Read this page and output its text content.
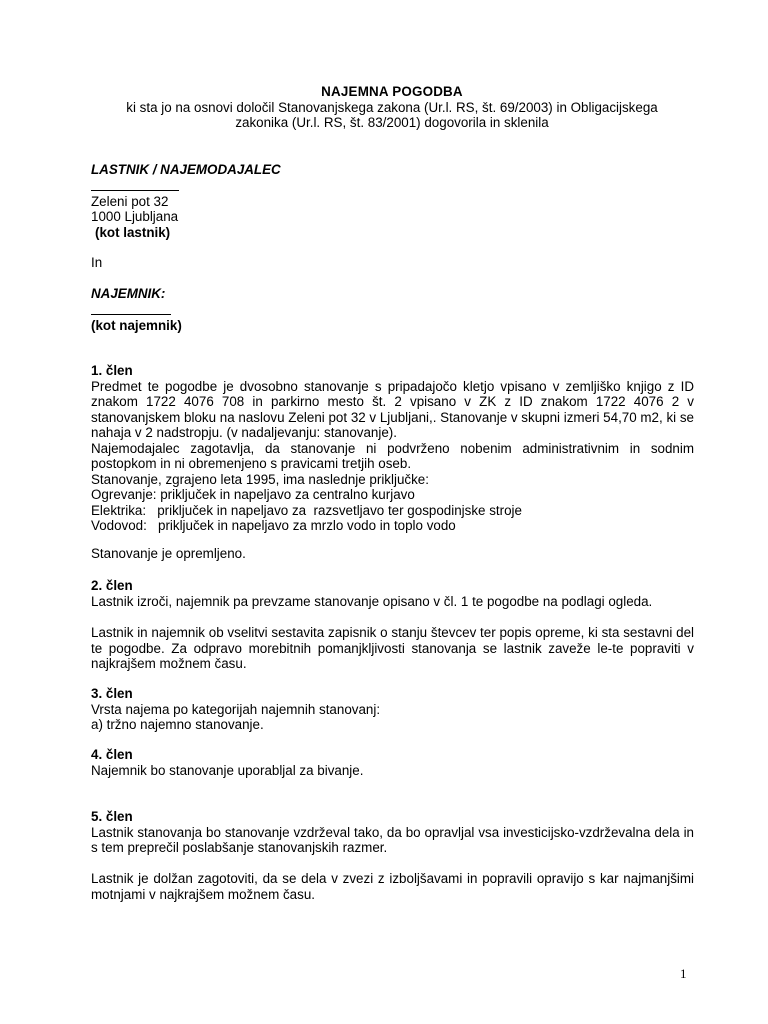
NAJEMNA POGODBA
ki sta jo na osnovi določil Stanovanjskega zakona (Ur.l. RS, št. 69/2003) in Obligacijskega
zakonika (Ur.l. RS, št. 83/2001) dogovorila in sklenila
LASTNIK / NAJEMODAJALEC
Zeleni pot 32
1000 Ljubljana
(kot lastnik)
In
NAJEMNIK:
(kot najemnik)
1. člen
Predmet te pogodbe je dvosobno stanovanje s pripadajočo kletjo vpisano v zemljiško knjigo z ID znakom 1722 4076 708 in parkirno mesto št. 2 vpisano v ZK z ID znakom 1722 4076 2 v stanovanjskem bloku na naslovu Zeleni pot 32 v Ljubljani,. Stanovanje v skupni izmeri 54,70 m2, ki se nahaja v 2 nadstropju. (v nadaljevanju: stanovanje).
Najemodajalec zagotavlja, da stanovanje ni podvrženo nobenim administrativnim in sodnim postopkom in ni obremenjeno s pravicami tretjih oseb.
Stanovanje, zgrajeno leta 1995, ima naslednje priključke:
Ogrevanje: priključek in napeljavo za centralno kurjavo
Elektrika:   priključek in napeljavo za  razsvetljavo ter gospodinjske stroje
Vodovod:   priključek in napeljavo za mrzlo vodo in toplo vodo
Stanovanje je opremljeno.
2. člen
Lastnik izroči, najemnik pa prevzame stanovanje opisano v čl. 1 te pogodbe na podlagi ogleda.
Lastnik in najemnik ob vselitvi sestavita zapisnik o stanju števcev ter popis opreme, ki sta sestavni del te pogodbe. Za odpravo morebitnih pomanjkljivosti stanovanja se lastnik zaveže le-te popraviti v najkrajšem možnem času.
3. člen
Vrsta najema po kategorijah najemnih stanovanj:
a) tržno najemno stanovanje.
4. člen
Najemnik bo stanovanje uporabljal za bivanje.
5. člen
Lastnik stanovanja bo stanovanje vzdrževal tako, da bo opravljal vsa investicijsko-vzdrževalna dela in s tem preprečil poslabšanje stanovanjskih razmer.
Lastnik je dolžan zagotoviti, da se dela v zvezi z izboljšavami in popravili opravijo s kar najmanjšimi motnjami v najkrajšem možnem času.
1
